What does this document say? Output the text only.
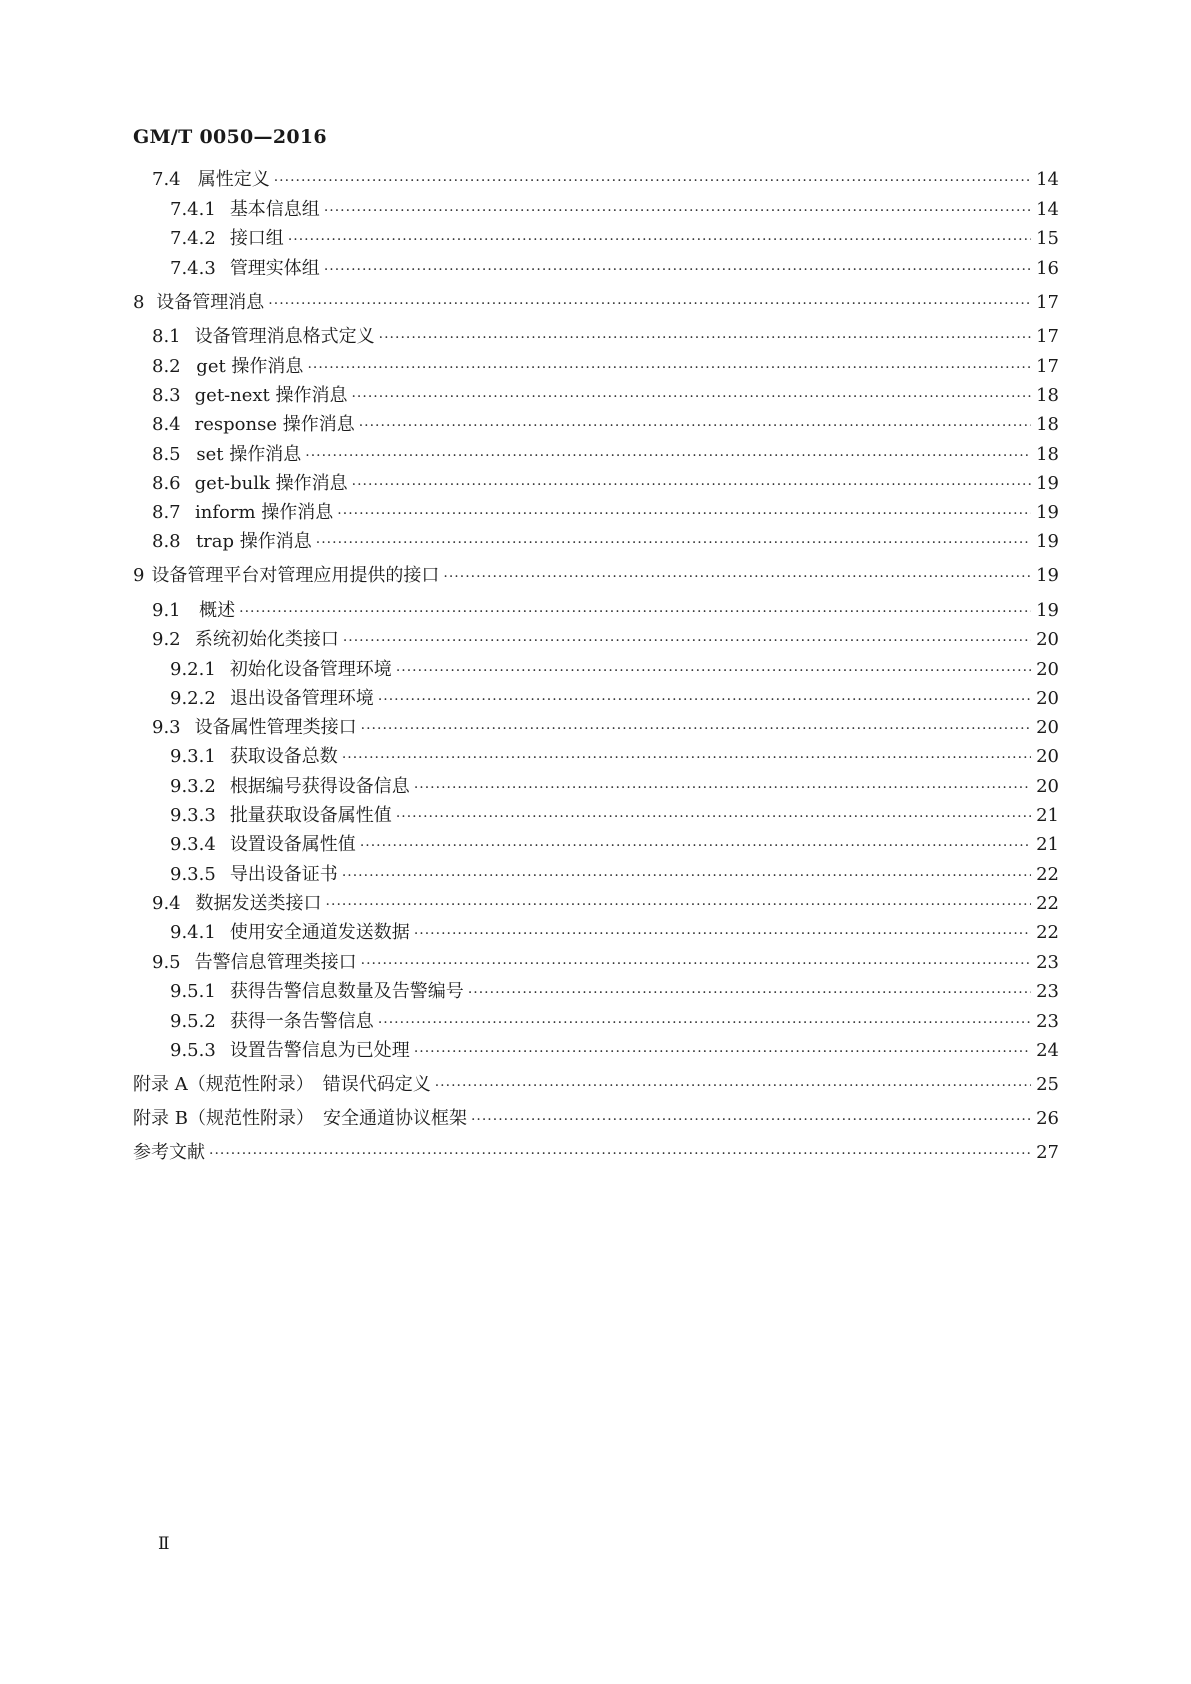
GM/T 0050—2016
7.4 属性定义 ·····	14
7.4.1 基本信息组 ·····	14
7.4.2 接口组 ·····	15
7.4.3 管理实体组 ·····	16
8 设备管理消息 ·····	17
8.1 设备管理消息格式定义 ·····	17
8.2 get 操作消息 ·····	17
8.3 get-next 操作消息 ·····	18
8.4 response 操作消息 ·····	18
8.5 set 操作消息 ·····	18
8.6 get-bulk 操作消息 ·····	19
8.7 inform 操作消息 ·····	19
8.8 trap 操作消息 ·····	19
9 设备管理平台对管理应用提供的接口 ·····	19
9.1 概述 ·····	19
9.2 系统初始化类接口 ·····	20
9.2.1 初始化设备管理环境 ·····	20
9.2.2 退出设备管理环境 ·····	20
9.3 设备属性管理类接口 ·····	20
9.3.1 获取设备总数 ·····	20
9.3.2 根据编号获得设备信息 ·····	20
9.3.3 批量获取设备属性值 ·····	21
9.3.4 设置设备属性值 ·····	21
9.3.5 导出设备证书 ·····	22
9.4 数据发送类接口 ·····	22
9.4.1 使用安全通道发送数据 ·····	22
9.5 告警信息管理类接口 ·····	23
9.5.1 获得告警信息数量及告警编号 ·····	23
9.5.2 获得一条告警信息 ·····	23
9.5.3 设置告警信息为已处理 ·····	24
附录 A（规范性附录）　错误代码定义 ·····	25
附录 B（规范性附录）　安全通道协议框架 ·····	26
参考文献 ·····	27
Ⅱ
